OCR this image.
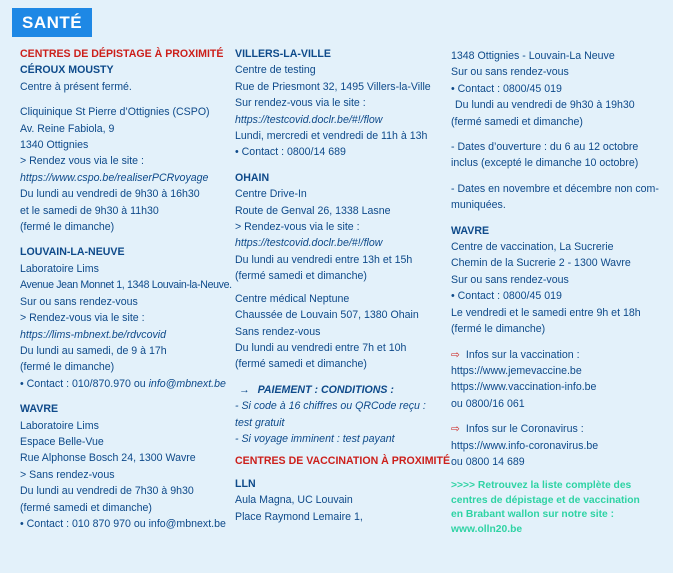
SANTÉ
CENTRES DE DÉPISTAGE À PROXIMITÉ
CÉROUX MOUSTY
Centre à présent fermé.
Cliquinique St Pierre d’Ottignies (CSPO)
Av. Reine Fabiola, 9
1340 Ottignies
> Rendez vous via le site :
https://www.cspo.be/realiserPCRvoyage
Du lundi au vendredi de 9h30 à 16h30
et le samedi de 9h30 à 11h30
(fermé le dimanche)
LOUVAIN-LA-NEUVE
Laboratoire Lims
Avenue Jean Monnet 1, 1348 Louvain-la-Neuve.
Sur ou sans rendez-vous
> Rendez-vous via le site :
https://lims-mbnext.be/rdvcovid
Du lundi au samedi, de 9 à 17h
(fermé le dimanche)
• Contact : 010/870.970 ou info@mbnext.be
WAVRE
Laboratoire Lims
Espace Belle-Vue
Rue Alphonse Bosch 24, 1300 Wavre
> Sans rendez-vous
Du lundi au vendredi de 7h30 à 9h30
(fermé samedi et dimanche)
• Contact : 010 870 970 ou info@mbnext.be
VILLERS-LA-VILLE
Centre de testing
Rue de Priesmont 32, 1495 Villers-la-Ville
Sur rendez-vous via le site :
https://testcovid.doclr.be/#!/flow
Lundi, mercredi et vendredi de 11h à 13h
• Contact : 0800/14 689
OHAIN
Centre Drive-In
Route de Genval 26, 1338 Lasne
> Rendez-vous via le site :
https://testcovid.doclr.be/#!/flow
Du lundi au vendredi entre 13h et 15h
(fermé samedi et dimanche)
Centre médical Neptune
Chaussée de Louvain 507, 1380 Ohain
Sans rendez-vous
Du lundi au vendredi entre 7h et 10h
(fermé samedi et dimanche)
→ PAIEMENT : CONDITIONS :
- Si code à 16 chiffres ou QRCode reçu :
test gratuit
- Si voyage imminent : test payant
CENTRES DE VACCINATION À PROXIMITÉ
LLN
Aula Magna, UC Louvain
Place Raymond Lemaire 1,
1348 Ottignies - Louvain-La Neuve
Sur ou sans rendez-vous
• Contact : 0800/45 019
Du lundi au vendredi de 9h30 à 19h30
(fermé samedi et dimanche)
- Dates d’ouverture : du 6 au 12 octobre
inclus (excepté le dimanche 10 octobre)
- Dates en novembre et décembre non com-
muniquées.
WAVRE
Centre de vaccination, La Sucrerie
Chemin de la Sucrerie 2 - 1300 Wavre
Sur ou sans rendez-vous
• Contact : 0800/45 019
Le vendredi et le samedi entre 9h et 18h
(fermé le dimanche)
⇨ Infos sur la vaccination :
https://www.jemevaccine.be
https://www.vaccination-info.be
ou 0800/16 061
⇨ Infos sur le Coronavirus :
https://www.info-coronavirus.be
ou 0800 14 689
>>>> Retrouvez la liste complète des
centres de dépistage et de vaccination
en Brabant wallon sur notre site :
www.olln20.be
